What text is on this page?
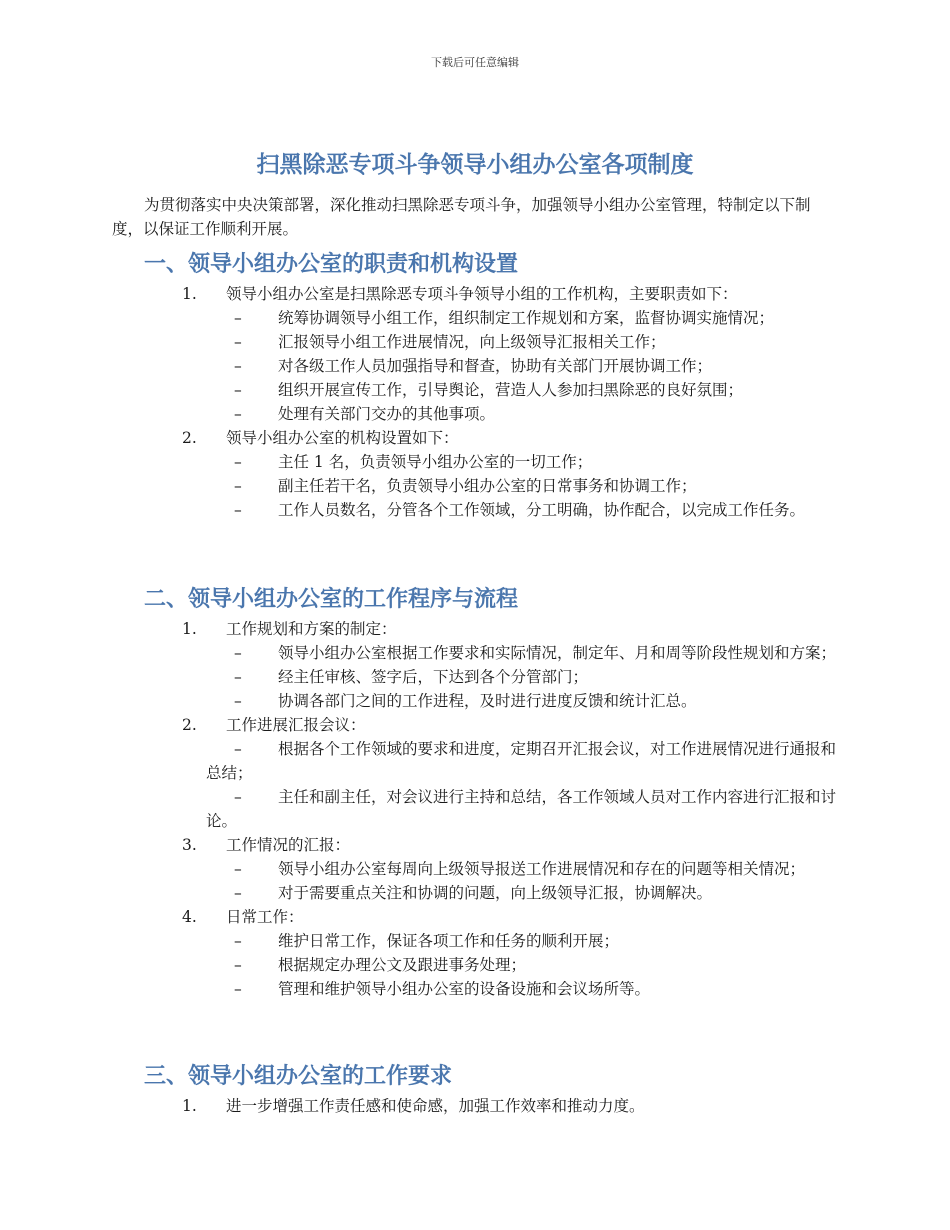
下载后可任意编辑
扫黑除恶专项斗争领导小组办公室各项制度

为贯彻落实中央决策部署，深化推动扫黑除恶专项斗争，加强领导小组办公室管理，特制定以下制度，以保证工作顺利开展。

一、领导小组办公室的职责和机构设置
1. 领导小组办公室是扫黑除恶专项斗争领导小组的工作机构，主要职责如下：
– 统筹协调领导小组工作，组织制定工作规划和方案，监督协调实施情况；
– 汇报领导小组工作进展情况，向上级领导汇报相关工作；
– 对各级工作人员加强指导和督查，协助有关部门开展协调工作；
– 组织开展宣传工作，引导舆论，营造人人参加扫黑除恶的良好氛围；
– 处理有关部门交办的其他事项。
2. 领导小组办公室的机构设置如下：
– 主任 1 名，负责领导小组办公室的一切工作；
– 副主任若干名，负责领导小组办公室的日常事务和协调工作；
– 工作人员数名，分管各个工作领域，分工明确，协作配合，以完成工作任务。
二、领导小组办公室的工作程序与流程
1. 工作规划和方案的制定：
– 领导小组办公室根据工作要求和实际情况，制定年、月和周等阶段性规划和方案；
– 经主任审核、签字后，下达到各个分管部门；
– 协调各部门之间的工作进程，及时进行进度反馈和统计汇总。
2. 工作进展汇报会议：
– 根据各个工作领域的要求和进度，定期召开汇报会议，对工作进展情况进行通报和总结；
– 主任和副主任，对会议进行主持和总结，各工作领域人员对工作内容进行汇报和讨论。
3. 工作情况的汇报：
– 领导小组办公室每周向上级领导报送工作进展情况和存在的问题等相关情况；
– 对于需要重点关注和协调的问题，向上级领导汇报，协调解决。
4. 日常工作：
– 维护日常工作，保证各项工作和任务的顺利开展；
– 根据规定办理公文及跟进事务处理；
– 管理和维护领导小组办公室的设备设施和会议场所等。
三、领导小组办公室的工作要求
1. 进一步增强工作责任感和使命感，加强工作效率和推动力度。
